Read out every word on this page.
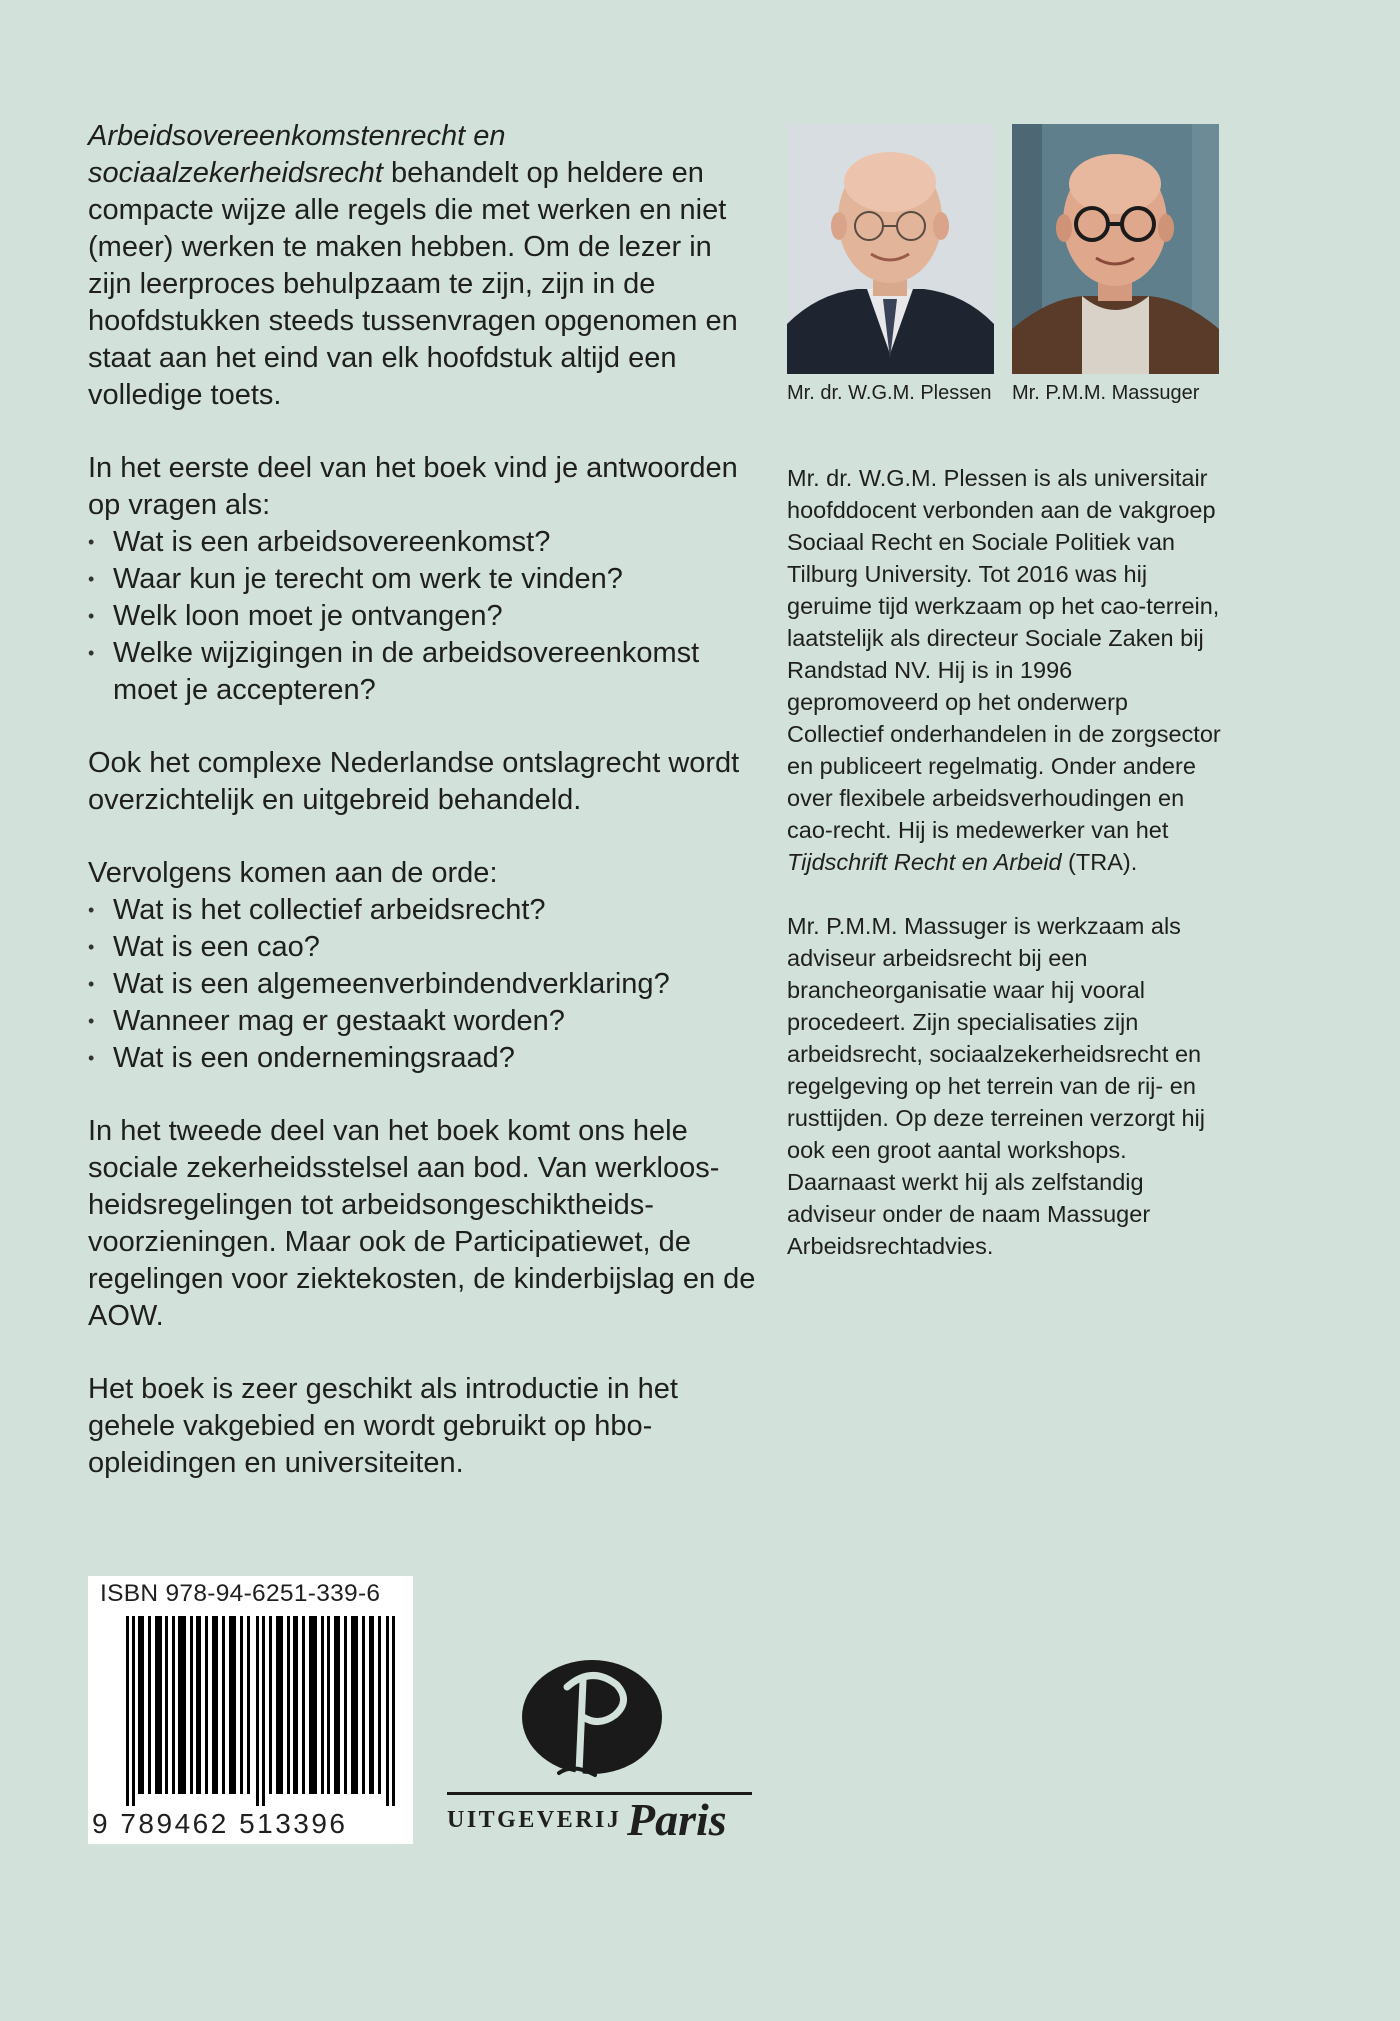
Arbeidsovereenkomstenrecht en sociaalzekerheidsrecht behandelt op heldere en compacte wijze alle regels die met werken en niet (meer) werken te maken hebben. Om de lezer in zijn leerproces behulpzaam te zijn, zijn in de hoofdstukken steeds tussenvragen opgenomen en staat aan het eind van elk hoofdstuk altijd een volledige toets.

In het eerste deel van het boek vind je antwoorden op vragen als:

• Wat is een arbeidsovereenkomst?
• Waar kun je terecht om werk te vinden?
• Welk loon moet je ontvangen?
• Welke wijzigingen in de arbeidsovereenkomst moet je accepteren?

Ook het complexe Nederlandse ontslagrecht wordt overzichtelijk en uitgebreid behandeld.

Vervolgens komen aan de orde:

• Wat is het collectief arbeidsrecht?
• Wat is een cao?
• Wat is een algemeenverbindendverklaring?
• Wanneer mag er gestaakt worden?
• Wat is een ondernemingsraad?

In het tweede deel van het boek komt ons hele sociale zekerheidsstelsel aan bod. Van werkloosheidsregelingen tot arbeidsongeschiktheidsvoorzieningen. Maar ook de Participatiewet, de regelingen voor ziektekosten, de kinderbijslag en de AOW.

Het boek is zeer geschikt als introductie in het gehele vakgebied en wordt gebruikt op hbo-opleidingen en universiteiten.

Mr. dr. W.G.M. Plessen Mr. P.M.M. Massuger

Mr. dr. W.G.M. Plessen is als universitair hoofddocent verbonden aan de vakgroep Sociaal Recht en Sociale Politiek van Tilburg University. Tot 2016 was hij geruime tijd werkzaam op het cao-terrein, laatstelijk als directeur Sociale Zaken bij Randstad NV. Hij is in 1996 gepromoveerd op het onderwerp Collectief onderhandelen in de zorgsector en publiceert regelmatig. Onder andere over flexibele arbeidsverhoudingen en cao-recht. Hij is medewerker van het Tijdschrift Recht en Arbeid (TRA).

Mr. P.M.M. Massuger is werkzaam als adviseur arbeidsrecht bij een brancheorganisatie waar hij vooral procedeert. Zijn specialisaties zijn arbeidsrecht, sociaalzekerheidsrecht en regelgeving op het terrein van de rij- en rusttijden. Op deze terreinen verzorgt hij ook een groot aantal workshops. Daarnaast werkt hij als zelfstandig adviseur onder de naam Massuger Arbeidsrechtadvies.

ISBN 978-94-6251-339-6
9 789462 513396	UITGEVERIJ Paris
